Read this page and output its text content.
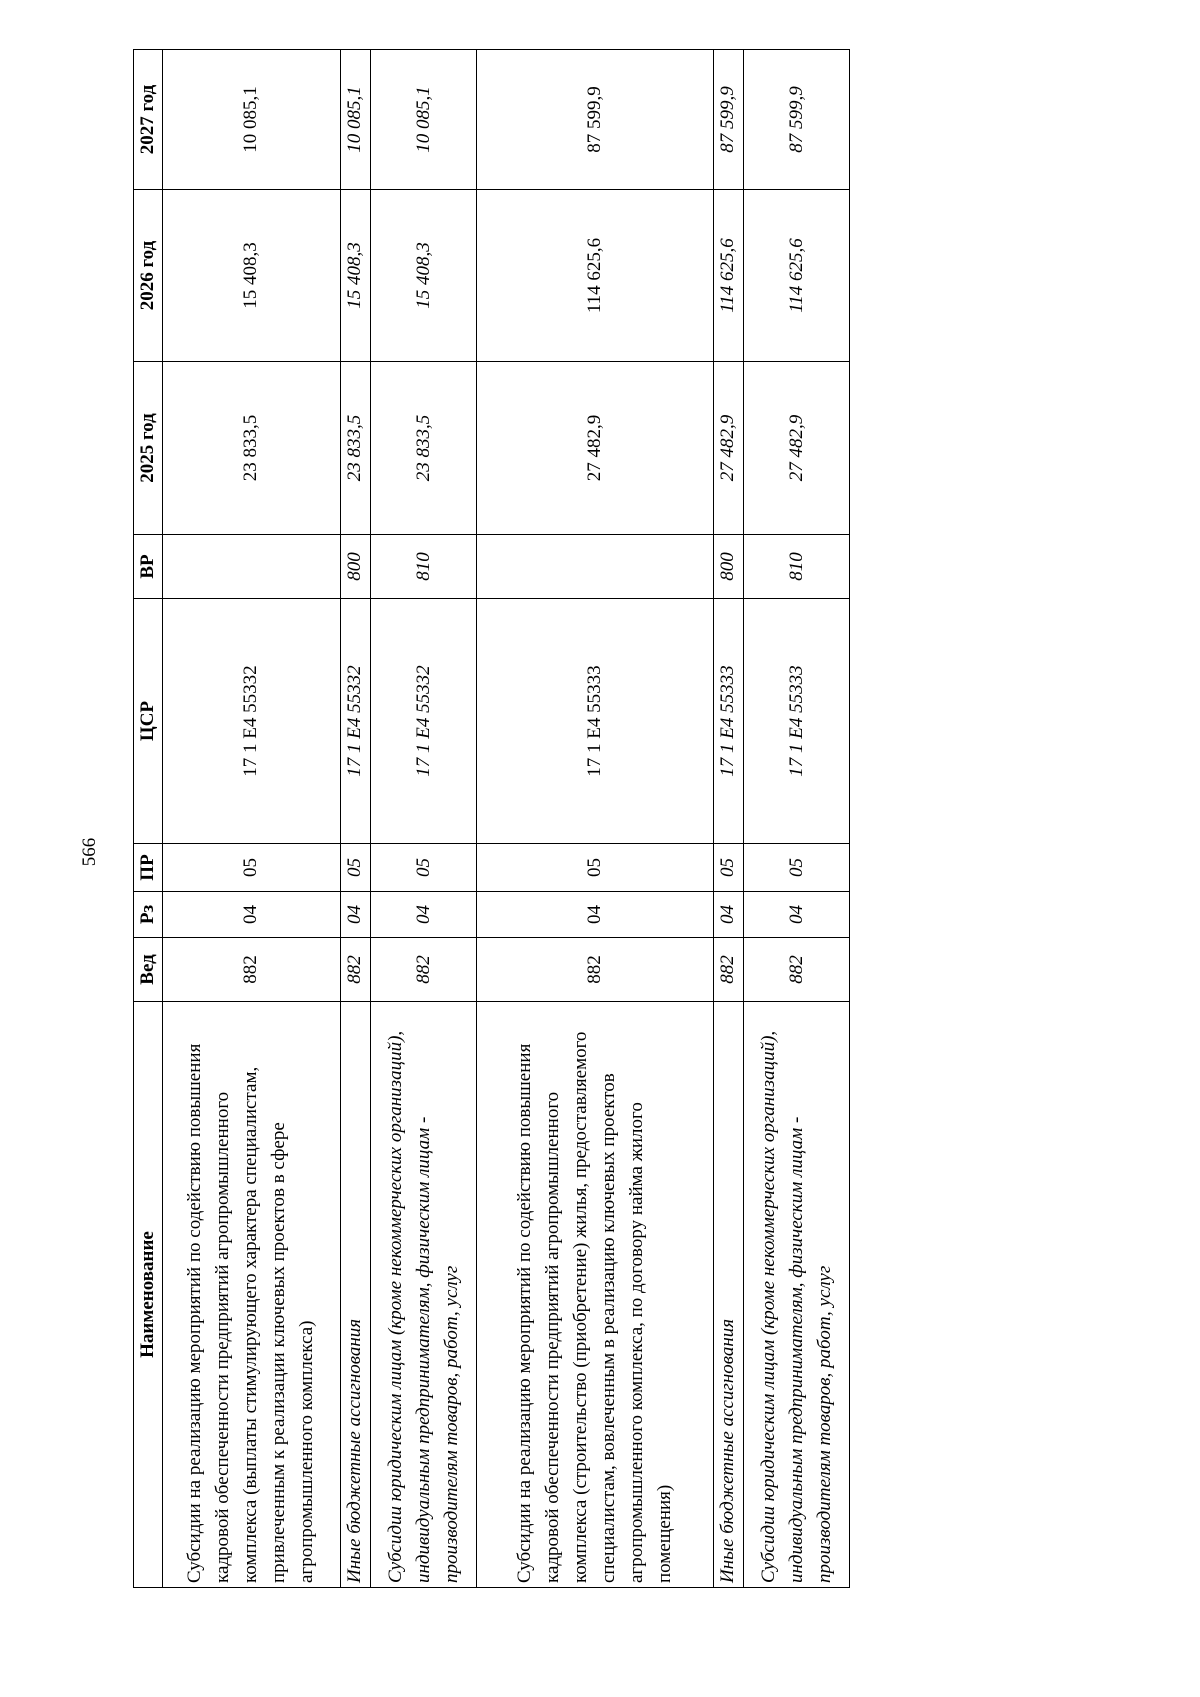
566
Наименование	Вед	Рз	ПР	ЦСР	ВР	2025 год	2026 год	2027 год
Субсидии на реализацию мероприятий по содействию повышения кадровой обеспеченности предприятий агропромышленного комплекса (выплаты стимулирующего характера специалистам, привлеченным к реализации ключевых проектов в сфере агропромышленного комплекса)	882	04	05	17 1 Е4 55332		23 833,5	15 408,3	10 085,1
Иные бюджетные ассигнования	882	04	05	17 1 Е4 55332	800	23 833,5	15 408,3	10 085,1
Субсидии юридическим лицам (кроме некоммерческих организаций), индивидуальным предпринимателям, физическим лицам - производителям товаров, работ, услуг	882	04	05	17 1 Е4 55332	810	23 833,5	15 408,3	10 085,1
Субсидии на реализацию мероприятий по содействию повышения кадровой обеспеченности предприятий агропромышленного комплекса (строительство (приобретение) жилья, предоставляемого специалистам, вовлеченным в реализацию ключевых проектов агропромышленного комплекса, по договору найма жилого помещения)	882	04	05	17 1 Е4 55333		27 482,9	114 625,6	87 599,9
Иные бюджетные ассигнования	882	04	05	17 1 Е4 55333	800	27 482,9	114 625,6	87 599,9
Субсидии юридическим лицам (кроме некоммерческих организаций), индивидуальным предпринимателям, физическим лицам - производителям товаров, работ, услуг	882	04	05	17 1 Е4 55333	810	27 482,9	114 625,6	87 599,9
